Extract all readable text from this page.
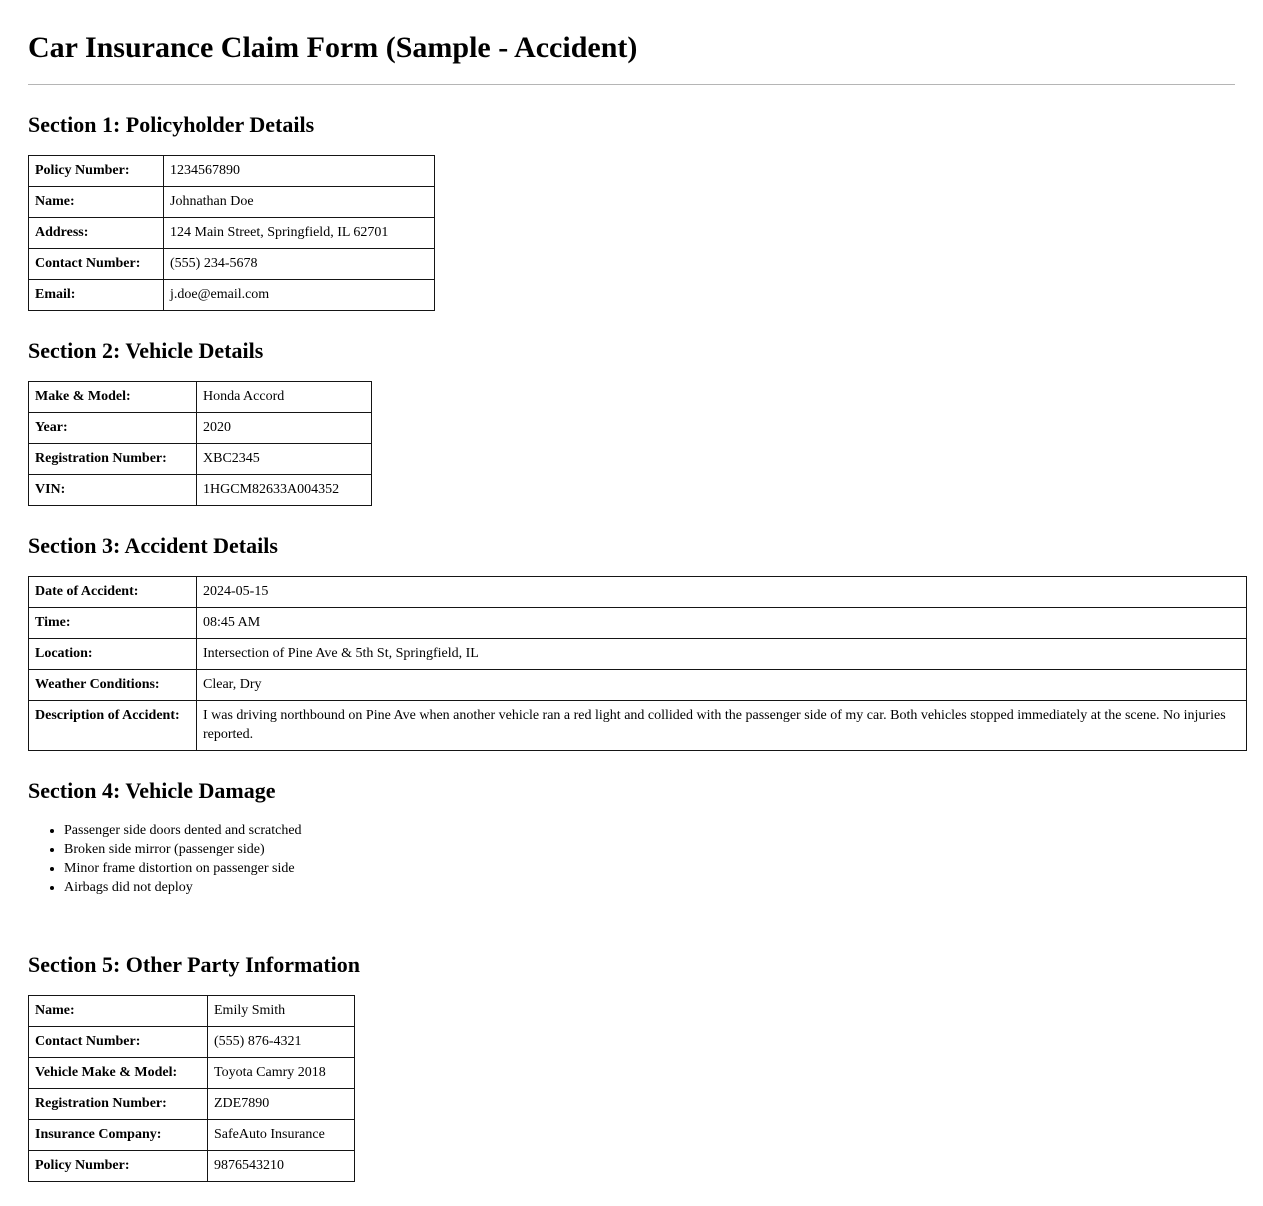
Car Insurance Claim Form (Sample - Accident)
Section 1: Policyholder Details
Policy Number:	1234567890
Name:	Johnathan Doe
Address:	124 Main Street, Springfield, IL 62701
Contact Number:	(555) 234-5678
Email:	j.doe@email.com
Section 2: Vehicle Details
Make & Model:	Honda Accord
Year:	2020
Registration Number:	XBC2345
VIN:	1HGCM82633A004352
Section 3: Accident Details
Date of Accident:	2024-05-15
Time:	08:45 AM
Location:	Intersection of Pine Ave & 5th St, Springfield, IL
Weather Conditions:	Clear, Dry
Description of Accident:	I was driving northbound on Pine Ave when another vehicle ran a red light and collided with the passenger side of my car. Both vehicles stopped immediately at the scene. No injuries reported.
Section 4: Vehicle Damage
• Passenger side doors dented and scratched
• Broken side mirror (passenger side)
• Minor frame distortion on passenger side
• Airbags did not deploy
Section 5: Other Party Information
Name:	Emily Smith
Contact Number:	(555) 876-4321
Vehicle Make & Model:	Toyota Camry 2018
Registration Number:	ZDE7890
Insurance Company:	SafeAuto Insurance
Policy Number:	9876543210
